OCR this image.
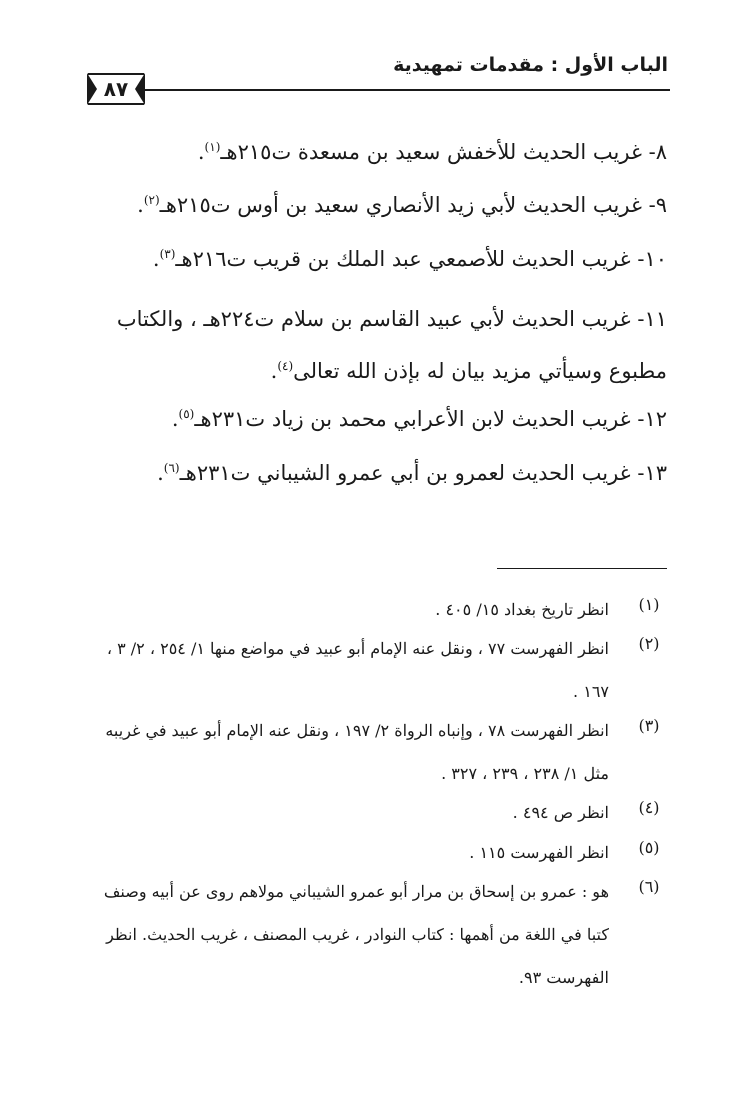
الباب الأول : مقدمات تمهيدية
٨٧
٨- غريب الحديث للأخفش سعيد بن مسعدة ت٢١٥هـ$^{(١)}$.
٩- غريب الحديث لأبي زيد الأنصاري سعيد بن أوس ت٢١٥هـ$^{(٢)}$.
١٠- غريب الحديث للأصمعي عبد الملك بن قريب ت٢١٦هـ$^{(٣)}$.
١١- غريب الحديث لأبي عبيد القاسم بن سلام ت٢٢٤هـ ، والكتاب
مطبوع وسيأتي مزيد بيان له بإذن الله تعالى$^{(٤)}$.
١٢- غريب الحديث لابن الأعرابي محمد بن زياد ت٢٣١هـ$^{(٥)}$.
١٣- غريب الحديث لعمرو بن أبي عمرو الشيباني ت٢٣١هـ$^{(٦)}$.
(١)
انظر تاريخ بغداد ١٥/ ٤٠٥ .
(٢)
انظر الفهرست ٧٧ ، ونقل عنه الإمام أبو عبيد في مواضع منها ١/ ٢٥٤ ، ٢/ ٣ ،
١٦٧ .
(٣)
انظر الفهرست ٧٨ ، وإنباه الرواة ٢/ ١٩٧ ، ونقل عنه الإمام أبو عبيد في غريبه
مثل ١/ ٢٣٨ ، ٢٣٩ ، ٣٢٧ .
(٤)
انظر ص ٤٩٤ .
(٥)
انظر الفهرست ١١٥ .
(٦)
هو : عمرو بن إسحاق بن مرار أبو عمرو الشيباني مولاهم روى عن أبيه وصنف
كتبا في اللغة من أهمها : كتاب النوادر ، غريب المصنف ، غريب الحديث. انظر
الفهرست ٩٣.
